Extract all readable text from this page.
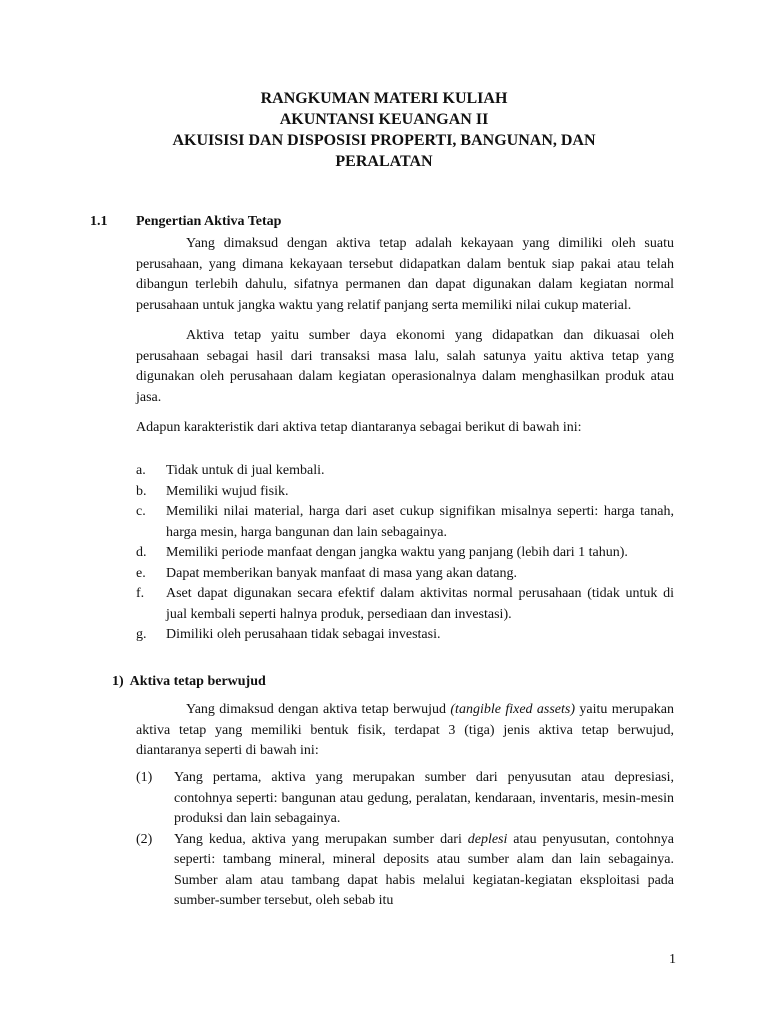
RANGKUMAN MATERI KULIAH
AKUNTANSI KEUANGAN II
AKUISISI DAN DISPOSISI PROPERTI, BANGUNAN, DAN
PERALATAN
1.1 Pengertian Aktiva Tetap

Yang dimaksud dengan aktiva tetap adalah kekayaan yang dimiliki oleh suatu perusahaan, yang dimana kekayaan tersebut didapatkan dalam bentuk siap pakai atau telah dibangun terlebih dahulu, sifatnya permanen dan dapat digunakan dalam kegiatan normal perusahaan untuk jangka waktu yang relatif panjang serta memiliki nilai cukup material.

Aktiva tetap yaitu sumber daya ekonomi yang didapatkan dan dikuasai oleh perusahaan sebagai hasil dari transaksi masa lalu, salah satunya yaitu aktiva tetap yang digunakan oleh perusahaan dalam kegiatan operasionalnya dalam menghasilkan produk atau jasa.

Adapun karakteristik dari aktiva tetap diantaranya sebagai berikut di bawah ini:
a. Tidak untuk di jual kembali.
b. Memiliki wujud fisik.
c. Memiliki nilai material, harga dari aset cukup signifikan misalnya seperti: harga tanah, harga mesin, harga bangunan dan lain sebagainya.
d. Memiliki periode manfaat dengan jangka waktu yang panjang (lebih dari 1 tahun).
e. Dapat memberikan banyak manfaat di masa yang akan datang.
f. Aset dapat digunakan secara efektif dalam aktivitas normal perusahaan (tidak untuk di jual kembali seperti halnya produk, persediaan dan investasi).
g. Dimiliki oleh perusahaan tidak sebagai investasi.
1) Aktiva tetap berwujud

Yang dimaksud dengan aktiva tetap berwujud (tangible fixed assets) yaitu merupakan aktiva tetap yang memiliki bentuk fisik, terdapat 3 (tiga) jenis aktiva tetap berwujud, diantaranya seperti di bawah ini:

(1) Yang pertama, aktiva yang merupakan sumber dari penyusutan atau depresiasi, contohnya seperti: bangunan atau gedung, peralatan, kendaraan, inventaris, mesin-mesin produksi dan lain sebagainya.
(2) Yang kedua, aktiva yang merupakan sumber dari deplesi atau penyusutan, contohnya seperti: tambang mineral, mineral deposits atau sumber alam dan lain sebagainya. Sumber alam atau tambang dapat habis melalui kegiatan-kegiatan eksploitasi pada sumber-sumber tersebut, oleh sebab itu
1
